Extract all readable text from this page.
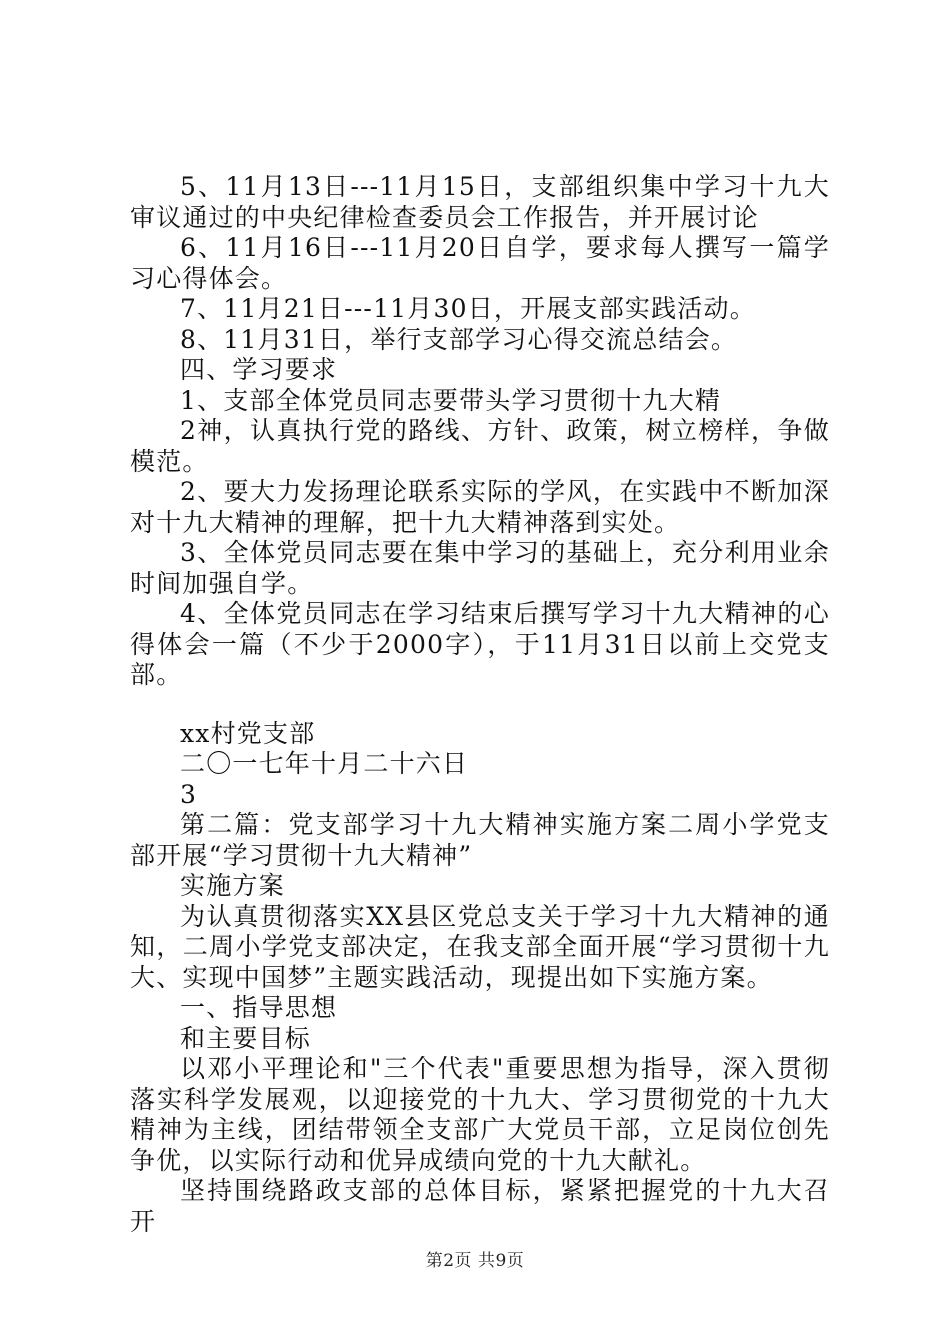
5、11月13日---11月15日，支部组织集中学习十九大审议通过的中央纪律检查委员会工作报告，并开展讨论

6、11月16日---11月20日自学，要求每人撰写一篇学习心得体会。

7、11月21日---11月30日，开展支部实践活动。

8、11月31日，举行支部学习心得交流总结会。

四、学习要求

1、支部全体党员同志要带头学习贯彻十九大精

2神，认真执行党的路线、方针、政策，树立榜样，争做模范。

2、要大力发扬理论联系实际的学风，在实践中不断加深对十九大精神的理解，把十九大精神落到实处。

3、全体党员同志要在集中学习的基础上，充分利用业余时间加强自学。

4、全体党员同志在学习结束后撰写学习十九大精神的心得体会一篇（不少于2000字），于11月31日以前上交党支部。

xx村党支部

二〇一七年十月二十六日

3

第二篇：党支部学习十九大精神实施方案二周小学党支部开展“学习贯彻十九大精神”

实施方案

为认真贯彻落实XX县区党总支关于学习十九大精神的通知，二周小学党支部决定，在我支部全面开展“学习贯彻十九大、实现中国梦”主题实践活动，现提出如下实施方案。

一、指导思想

和主要目标

以邓小平理论和"三个代表"重要思想为指导，深入贯彻落实科学发展观，以迎接党的十九大、学习贯彻党的十九大精神为主线，团结带领全支部广大党员干部，立足岗位创先争优，以实际行动和优异成绩向党的十九大献礼。

坚持围绕路政支部的总体目标，紧紧把握党的十九大召开

第2页 共9页
